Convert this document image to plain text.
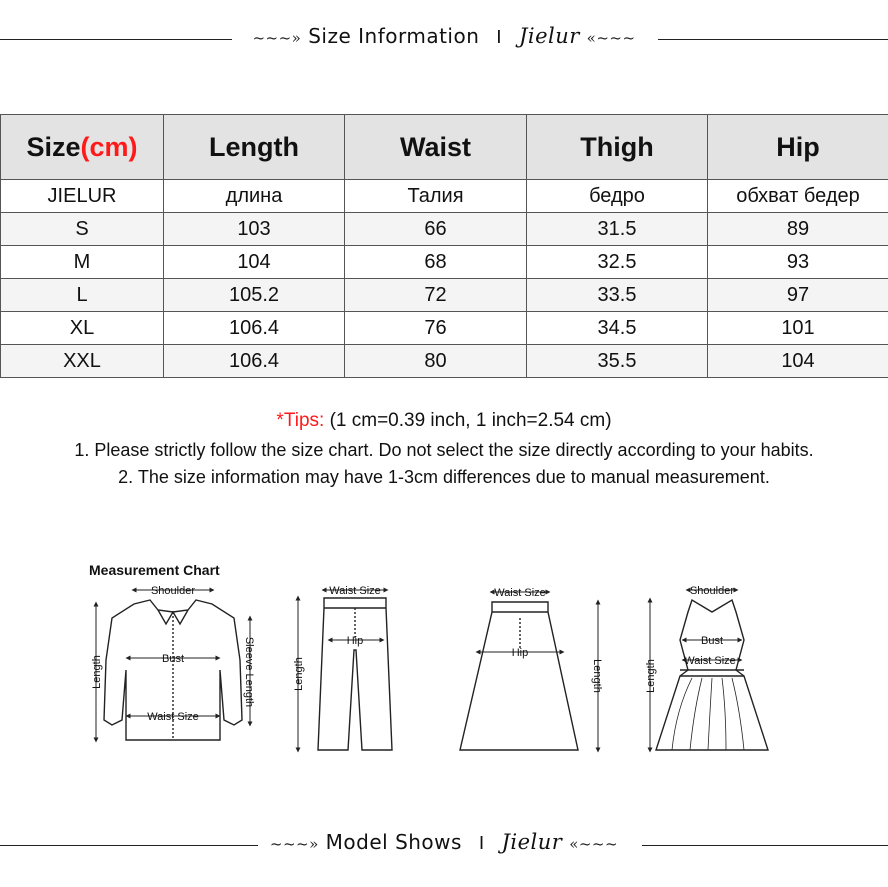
~~~» Size Information I Jielur «~~~
Size(cm)	Length	Waist	Thigh	Hip
JIELUR	длина	Талия	бедро	обхват бедер
S	103	66	31.5	89
M	104	68	32.5	93
L	105.2	72	33.5	97
XL	106.4	76	34.5	101
XXL	106.4	80	35.5	104
*Tips: (1 cm=0.39 inch, 1 inch=2.54 cm)
1. Please strictly follow the size chart. Do not select the size directly according to your habits.
2. The size information may have 1-3cm differences due to manual measurement.
Measurement Chart
Shoulder
Bust
Waist Size
Length	Sleeve Length
Waist Size
Hip
Length
Waist Size
Hip
Length
Shoulder
Bust
Waist Size
Length
~~~» Model Shows I Jielur «~~~
